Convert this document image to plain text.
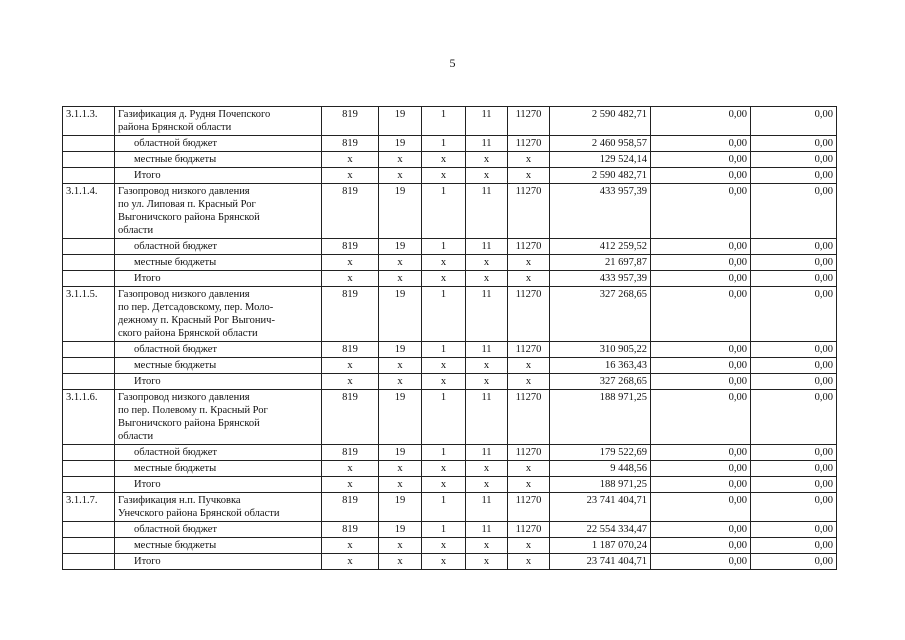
5
3.1.1.3.	Газификация д. Рудня Почепского
района Брянской области	819	19	1	11	11270	2 590 482,71	0,00	0,00
	областной бюджет	819	19	1	11	11270	2 460 958,57	0,00	0,00
	местные бюджеты	x	x	x	x	x	129 524,14	0,00	0,00
	Итого	x	x	x	x	x	2 590 482,71	0,00	0,00
3.1.1.4.	Газопровод низкого давления
по ул. Липовая п. Красный Рог
Выгоничского района Брянской
области	819	19	1	11	11270	433 957,39	0,00	0,00
	областной бюджет	819	19	1	11	11270	412 259,52	0,00	0,00
	местные бюджеты	x	x	x	x	x	21 697,87	0,00	0,00
	Итого	x	x	x	x	x	433 957,39	0,00	0,00
3.1.1.5.	Газопровод низкого давления
по пер. Детсадовскому, пер. Моло-
дежному п. Красный Рог Выгонич-
ского района Брянской области	819	19	1	11	11270	327 268,65	0,00	0,00
	областной бюджет	819	19	1	11	11270	310 905,22	0,00	0,00
	местные бюджеты	x	x	x	x	x	16 363,43	0,00	0,00
	Итого	x	x	x	x	x	327 268,65	0,00	0,00
3.1.1.6.	Газопровод низкого давления
по пер. Полевому п. Красный Рог
Выгоничского района Брянской
области	819	19	1	11	11270	188 971,25	0,00	0,00
	областной бюджет	819	19	1	11	11270	179 522,69	0,00	0,00
	местные бюджеты	x	x	x	x	x	9 448,56	0,00	0,00
	Итого	x	x	x	x	x	188 971,25	0,00	0,00
3.1.1.7.	Газификация н.п. Пучковка
Унечского района Брянской области	819	19	1	11	11270	23 741 404,71	0,00	0,00
	областной бюджет	819	19	1	11	11270	22 554 334,47	0,00	0,00
	местные бюджеты	x	x	x	x	x	1 187 070,24	0,00	0,00
	Итого	x	x	x	x	x	23 741 404,71	0,00	0,00
